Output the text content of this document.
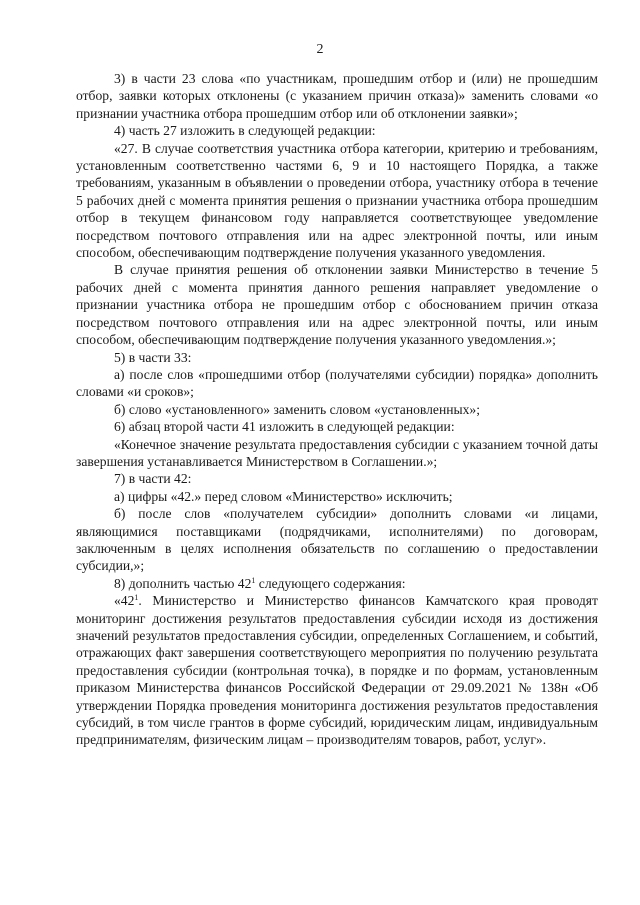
2

3) в части 23 слова «по участникам, прошедшим отбор и (или) не прошедшим отбор, заявки которых отклонены (с указанием причин отказа)» заменить словами «о признании участника отбора прошедшим отбор или об отклонении заявки»;

4) часть 27 изложить в следующей редакции:

«27. В случае соответствия участника отбора категории, критерию и требованиям, установленным соответственно частями 6, 9 и 10 настоящего Порядка, а также требованиям, указанным в объявлении о проведении отбора, участнику отбора в течение 5 рабочих дней с момента принятия решения о признании участника отбора прошедшим отбор в текущем финансовом году направляется соответствующее уведомление посредством почтового отправления или на адрес электронной почты, или иным способом, обеспечивающим подтверждение получения указанного уведомления.

В случае принятия решения об отклонении заявки Министерство в течение 5 рабочих дней с момента принятия данного решения направляет уведомление о признании участника отбора не прошедшим отбор с обоснованием причин отказа посредством почтового отправления или на адрес электронной почты, или иным способом, обеспечивающим подтверждение получения указанного уведомления.»;

5) в части 33:

а) после слов «прошедшими отбор (получателями субсидии) порядка» дополнить словами «и сроков»;

б) слово «установленного» заменить словом «установленных»;

6) абзац второй части 41 изложить в следующей редакции:

«Конечное значение результата предоставления субсидии с указанием точной даты завершения устанавливается Министерством в Соглашении.»;

7) в части 42:

а) цифры «42.» перед словом «Министерство» исключить;

б) после слов «получателем субсидии» дополнить словами «и лицами, являющимися поставщиками (подрядчиками, исполнителями) по договорам, заключенным в целях исполнения обязательств по соглашению о предоставлении субсидии,»;

8) дополнить частью $42^1$ следующего содержания:

«$42^1$. Министерство и Министерство финансов Камчатского края проводят мониторинг достижения результатов предоставления субсидии исходя из достижения значений результатов предоставления субсидии, определенных Соглашением, и событий, отражающих факт завершения соответствующего мероприятия по получению результата предоставления субсидии (контрольная точка), в порядке и по формам, установленным приказом Министерства финансов Российской Федерации от 29.09.2021 № 138н «Об утверждении Порядка проведения мониторинга достижения результатов предоставления субсидий, в том числе грантов в форме субсидий, юридическим лицам, индивидуальным предпринимателям, физическим лицам – производителям товаров, работ, услуг».
